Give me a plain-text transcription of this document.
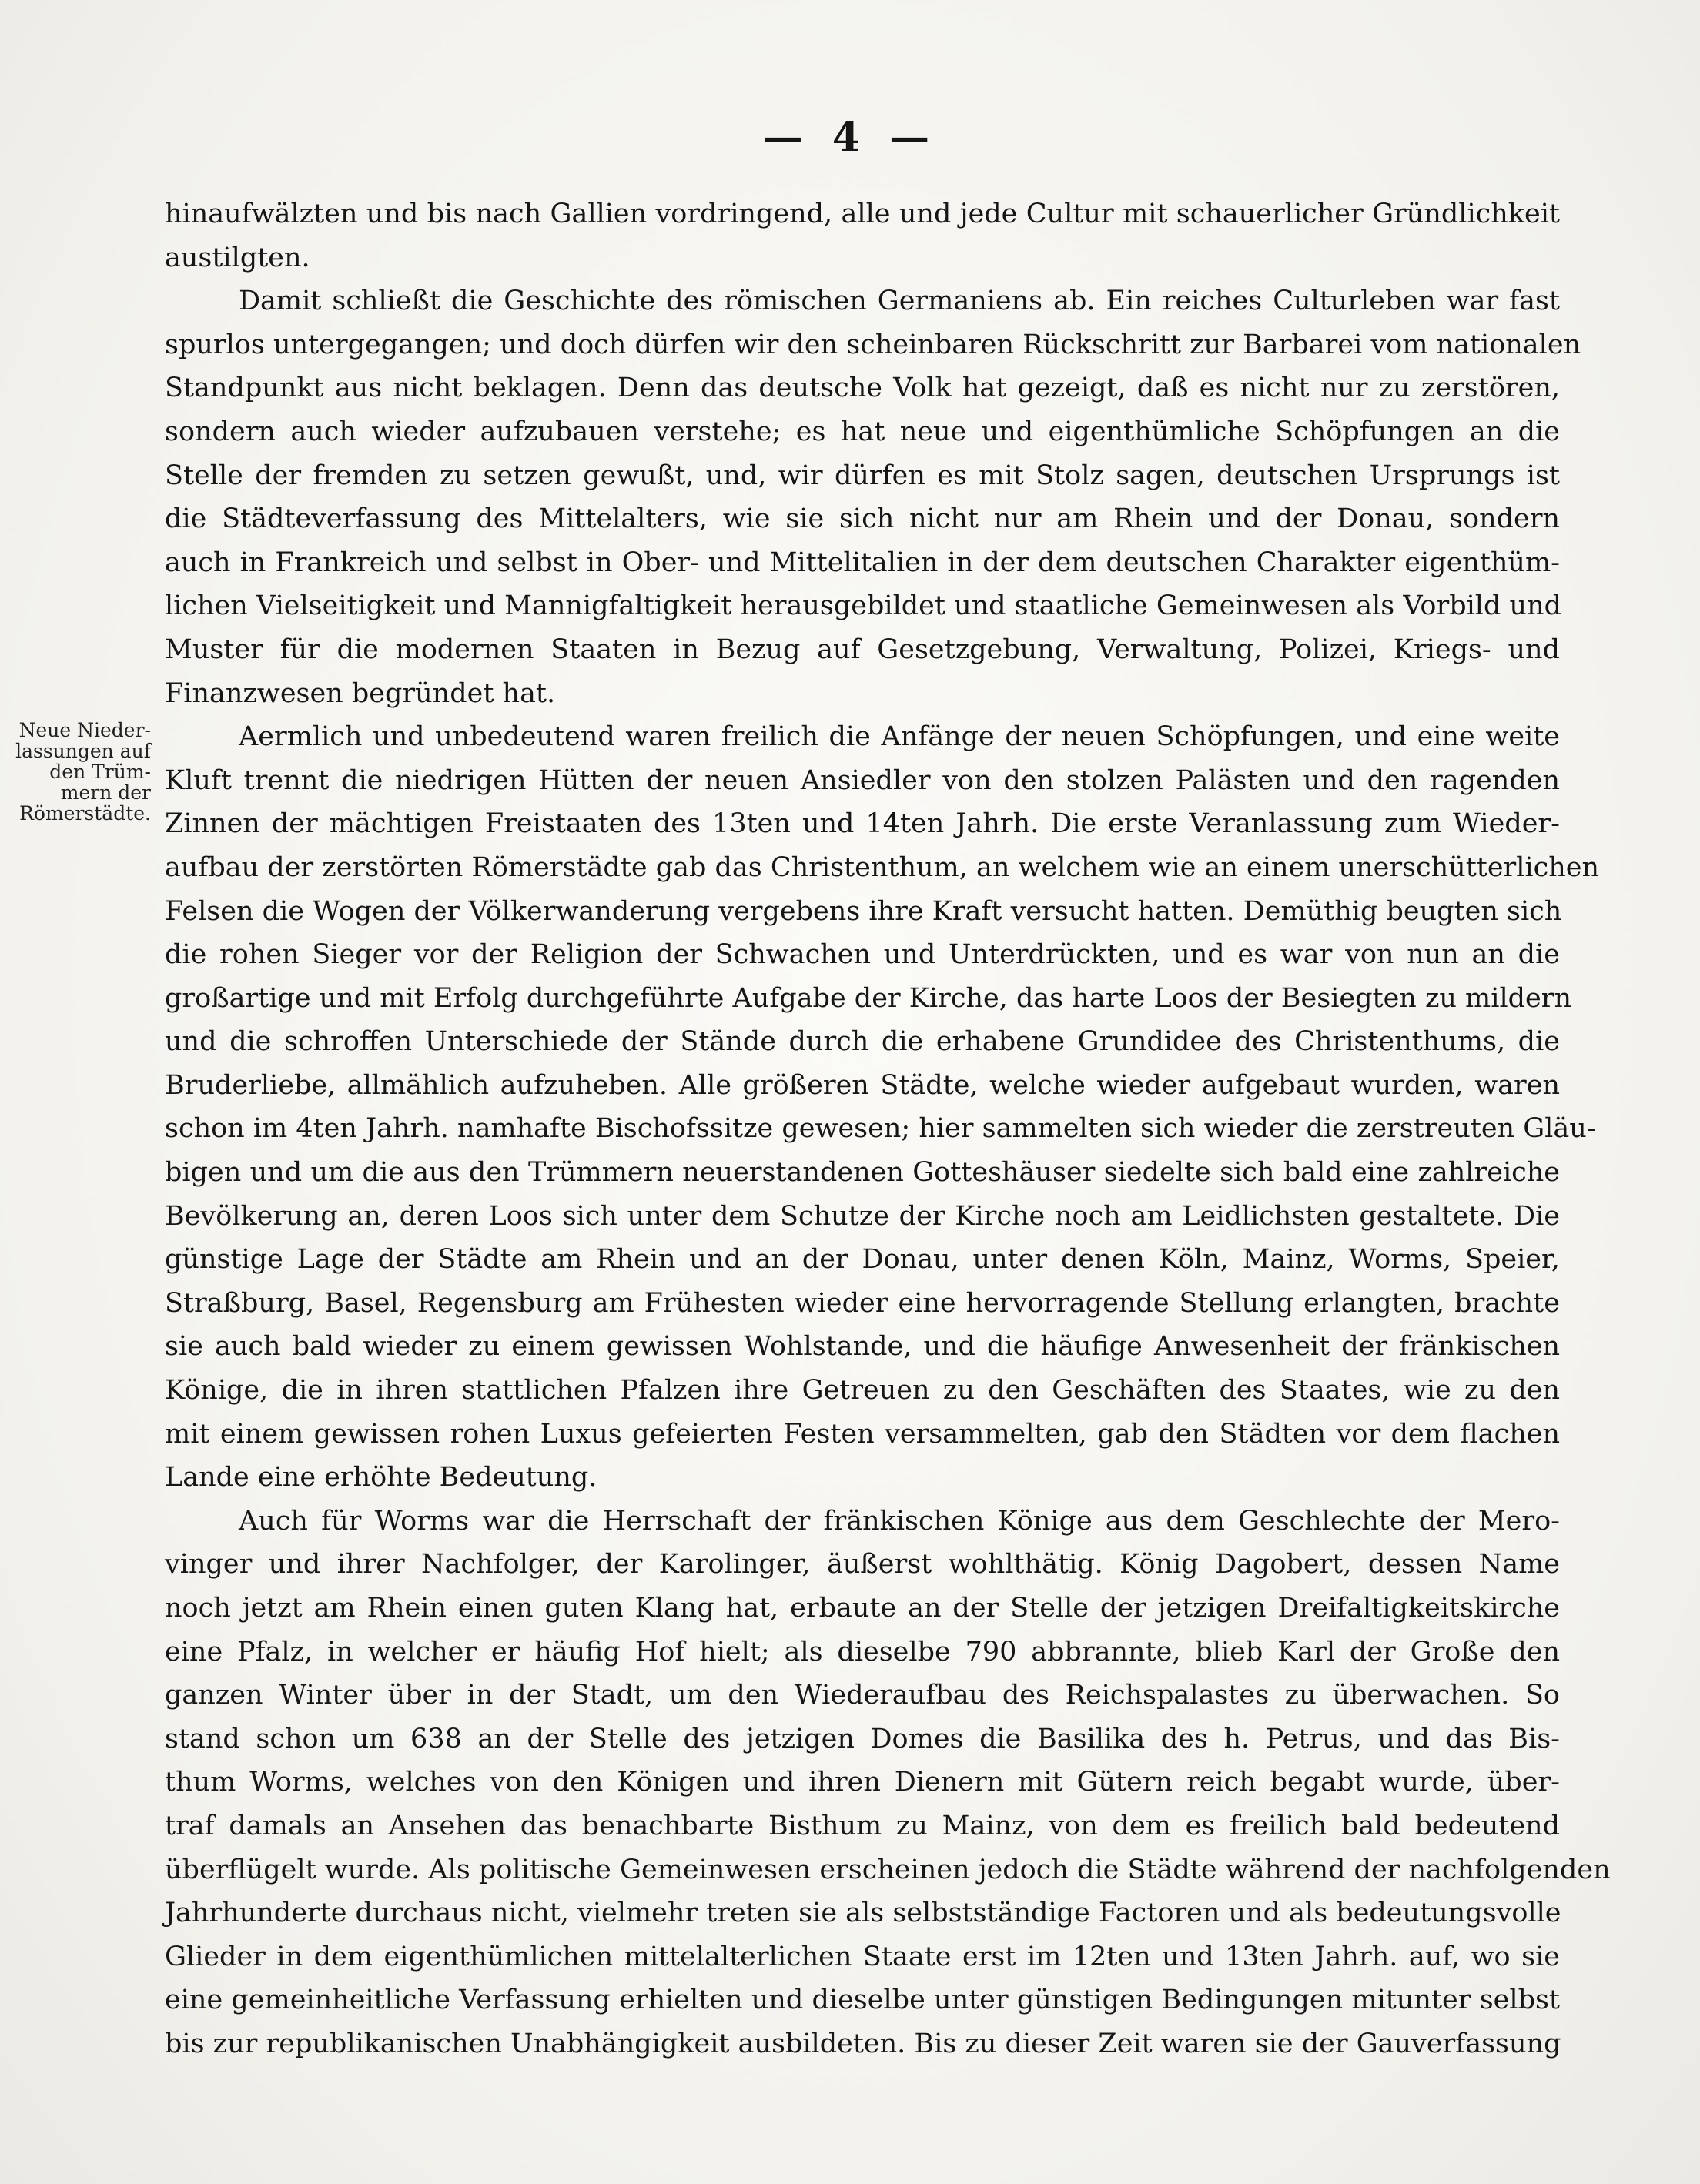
— 4 —
Neue Nieder-
lassungen auf
den Trüm-
mern der
Römerstädte.
hinaufwälzten und bis nach Gallien vordringend, alle und jede Cultur mit schauerlicher Gründlichkeit
austilgten.
Damit schließt die Geschichte des römischen Germaniens ab. Ein reiches Culturleben war fast
spurlos untergegangen; und doch dürfen wir den scheinbaren Rückschritt zur Barbarei vom nationalen
Standpunkt aus nicht beklagen. Denn das deutsche Volk hat gezeigt, daß es nicht nur zu zerstören,
sondern auch wieder aufzubauen verstehe; es hat neue und eigenthümliche Schöpfungen an die
Stelle der fremden zu setzen gewußt, und, wir dürfen es mit Stolz sagen, deutschen Ursprungs ist
die Städteverfassung des Mittelalters, wie sie sich nicht nur am Rhein und der Donau, sondern
auch in Frankreich und selbst in Ober- und Mittelitalien in der dem deutschen Charakter eigenthüm-
lichen Vielseitigkeit und Mannigfaltigkeit herausgebildet und staatliche Gemeinwesen als Vorbild und
Muster für die modernen Staaten in Bezug auf Gesetzgebung, Verwaltung, Polizei, Kriegs- und
Finanzwesen begründet hat.
Aermlich und unbedeutend waren freilich die Anfänge der neuen Schöpfungen, und eine weite
Kluft trennt die niedrigen Hütten der neuen Ansiedler von den stolzen Palästen und den ragenden
Zinnen der mächtigen Freistaaten des 13ten und 14ten Jahrh. Die erste Veranlassung zum Wieder-
aufbau der zerstörten Römerstädte gab das Christenthum, an welchem wie an einem unerschütterlichen
Felsen die Wogen der Völkerwanderung vergebens ihre Kraft versucht hatten. Demüthig beugten sich
die rohen Sieger vor der Religion der Schwachen und Unterdrückten, und es war von nun an die
großartige und mit Erfolg durchgeführte Aufgabe der Kirche, das harte Loos der Besiegten zu mildern
und die schroffen Unterschiede der Stände durch die erhabene Grundidee des Christenthums, die
Bruderliebe, allmählich aufzuheben. Alle größeren Städte, welche wieder aufgebaut wurden, waren
schon im 4ten Jahrh. namhafte Bischofssitze gewesen; hier sammelten sich wieder die zerstreuten Gläu-
bigen und um die aus den Trümmern neuerstandenen Gotteshäuser siedelte sich bald eine zahlreiche
Bevölkerung an, deren Loos sich unter dem Schutze der Kirche noch am Leidlichsten gestaltete. Die
günstige Lage der Städte am Rhein und an der Donau, unter denen Köln, Mainz, Worms, Speier,
Straßburg, Basel, Regensburg am Frühesten wieder eine hervorragende Stellung erlangten, brachte
sie auch bald wieder zu einem gewissen Wohlstande, und die häufige Anwesenheit der fränkischen
Könige, die in ihren stattlichen Pfalzen ihre Getreuen zu den Geschäften des Staates, wie zu den
mit einem gewissen rohen Luxus gefeierten Festen versammelten, gab den Städten vor dem flachen
Lande eine erhöhte Bedeutung.
Auch für Worms war die Herrschaft der fränkischen Könige aus dem Geschlechte der Mero-
vinger und ihrer Nachfolger, der Karolinger, äußerst wohlthätig. König Dagobert, dessen Name
noch jetzt am Rhein einen guten Klang hat, erbaute an der Stelle der jetzigen Dreifaltigkeitskirche
eine Pfalz, in welcher er häufig Hof hielt; als dieselbe 790 abbrannte, blieb Karl der Große den
ganzen Winter über in der Stadt, um den Wiederaufbau des Reichspalastes zu überwachen. So
stand schon um 638 an der Stelle des jetzigen Domes die Basilika des h. Petrus, und das Bis-
thum Worms, welches von den Königen und ihren Dienern mit Gütern reich begabt wurde, über-
traf damals an Ansehen das benachbarte Bisthum zu Mainz, von dem es freilich bald bedeutend
überflügelt wurde. Als politische Gemeinwesen erscheinen jedoch die Städte während der nachfolgenden
Jahrhunderte durchaus nicht, vielmehr treten sie als selbstständige Factoren und als bedeutungsvolle
Glieder in dem eigenthümlichen mittelalterlichen Staate erst im 12ten und 13ten Jahrh. auf, wo sie
eine gemeinheitliche Verfassung erhielten und dieselbe unter günstigen Bedingungen mitunter selbst
bis zur republikanischen Unabhängigkeit ausbildeten. Bis zu dieser Zeit waren sie der Gauverfassung
